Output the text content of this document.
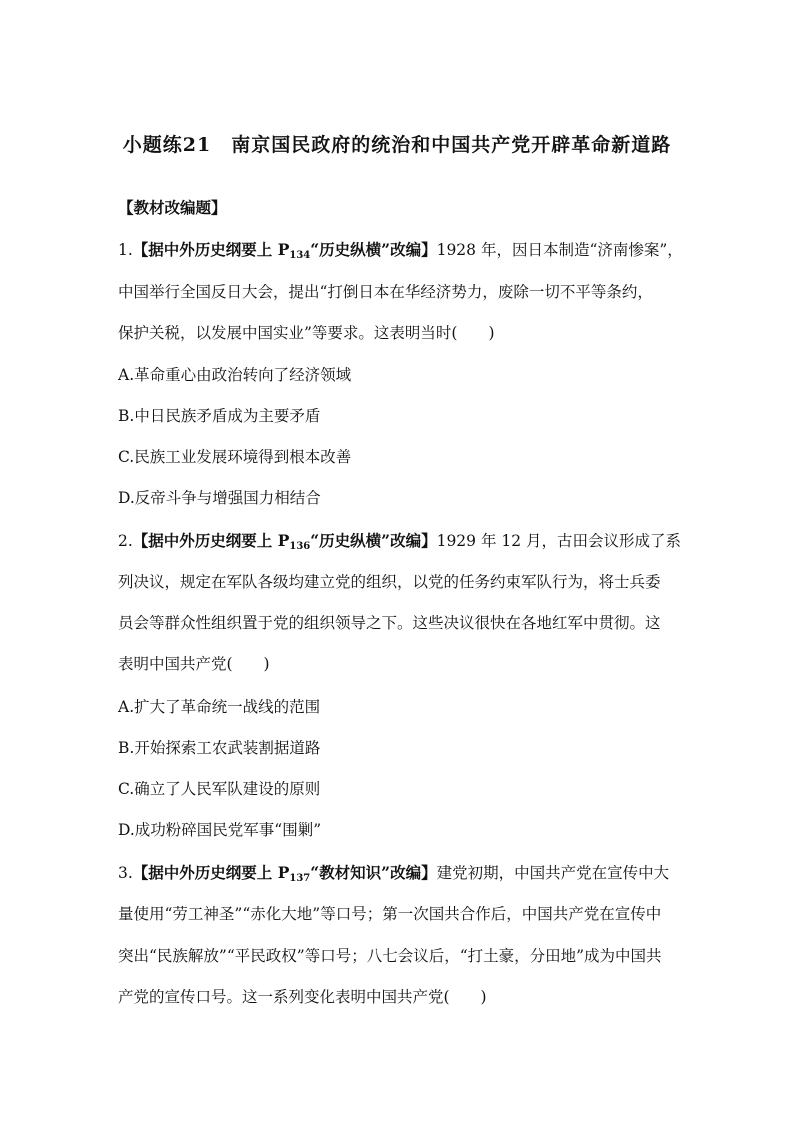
小题练21　南京国民政府的统治和中国共产党开辟革命新道路
【教材改编题】
1.【据中外历史纲要上 $P_{134}“$历史纵横”改编】1928 年，因日本制造“济南惨案”，
中国举行全国反日大会，提出“打倒日本在华经济势力，废除一切不平等条约，
保护关税，以发展中国实业”等要求。这表明当时(　　)
A.革命重心由政治转向了经济领域
B.中日民族矛盾成为主要矛盾
C.民族工业发展环境得到根本改善
D.反帝斗争与增强国力相结合
2.【据中外历史纲要上 $P_{136}“$历史纵横”改编】1929 年 12 月，古田会议形成了系
列决议，规定在军队各级均建立党的组织，以党的任务约束军队行为，将士兵委
员会等群众性组织置于党的组织领导之下。这些决议很快在各地红军中贯彻。这
表明中国共产党(　　)
A.扩大了革命统一战线的范围
B.开始探索工农武装割据道路
C.确立了人民军队建设的原则
D.成功粉碎国民党军事“围剿”
3.【据中外历史纲要上 $P_{137}“$教材知识”改编】建党初期，中国共产党在宣传中大
量使用“劳工神圣”“赤化大地”等口号；第一次国共合作后，中国共产党在宣传中
突出“民族解放”“平民政权”等口号；八七会议后，“打土豪，分田地”成为中国共
产党的宣传口号。这一系列变化表明中国共产党(　　)
